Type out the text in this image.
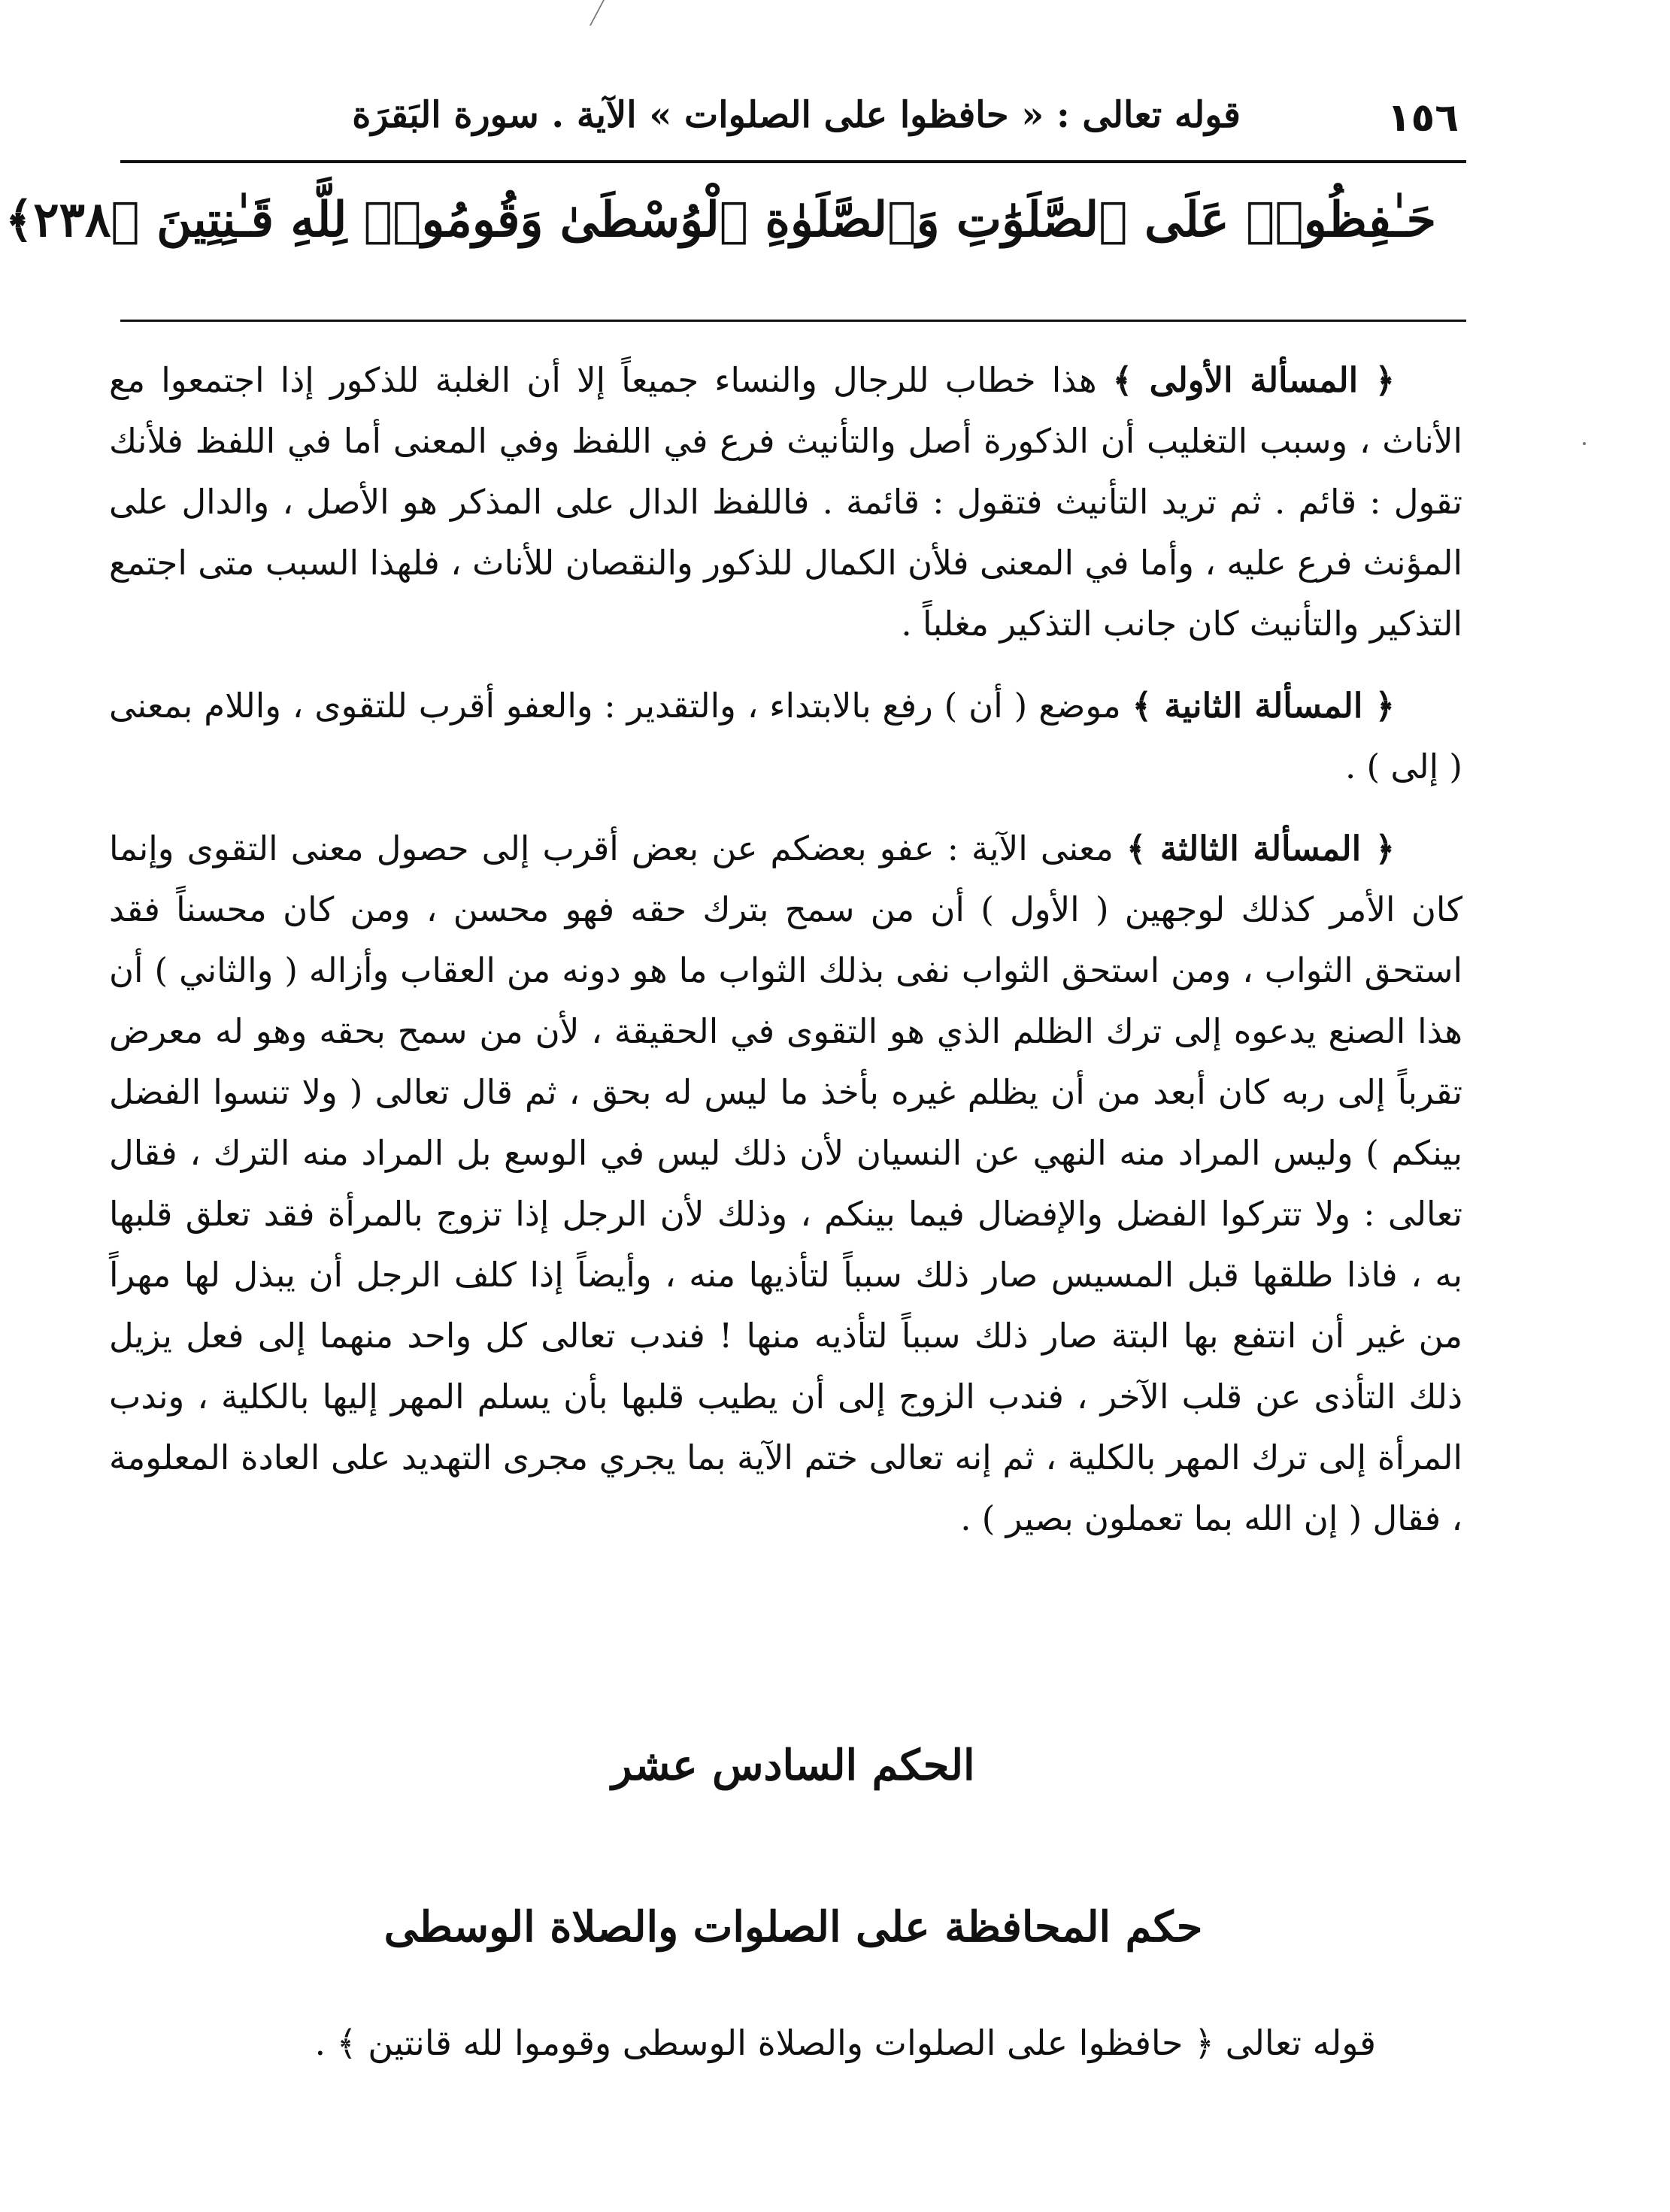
١٥٦
قوله تعالى : « حافظوا على الصلوات » الآية . سورة البَقرَة
حَـٰفِظُوا۟ عَلَى ٱلصَّلَوَٰتِ وَٱلصَّلَوٰةِ ٱلْوُسْطَىٰ وَقُومُوا۟ لِلَّهِ قَـٰنِتِينَ ﴿٢٣٨﴾

﴿ المسألة الأولى ﴾ هذا خطاب للرجال والنساء جميعاً إلا أن الغلبة للذكور إذا اجتمعوا مع الأناث ، وسبب التغليب أن الذكورة أصل والتأنيث فرع في اللفظ وفي المعنى أما في اللفظ فلأنك تقول : قائم . ثم تريد التأنيث فتقول : قائمة . فاللفظ الدال على المذكر هو الأصل ، والدال على المؤنث فرع عليه ، وأما في المعنى فلأن الكمال للذكور والنقصان للأناث ، فلهذا السبب متى اجتمع التذكير والتأنيث كان جانب التذكير مغلباً .

﴿ المسألة الثانية ﴾ موضع ( أن ) رفع بالابتداء ، والتقدير : والعفو أقرب للتقوى ، واللام بمعنى ( إلى ) .

﴿ المسألة الثالثة ﴾ معنى الآية : عفو بعضكم عن بعض أقرب إلى حصول معنى التقوى وإنما كان الأمر كذلك لوجهين ( الأول ) أن من سمح بترك حقه فهو محسن ، ومن كان محسناً فقد استحق الثواب ، ومن استحق الثواب نفى بذلك الثواب ما هو دونه من العقاب وأزاله ( والثاني ) أن هذا الصنع يدعوه إلى ترك الظلم الذي هو التقوى في الحقيقة ، لأن من سمح بحقه وهو له معرض تقرباً إلى ربه كان أبعد من أن يظلم غيره بأخذ ما ليس له بحق ، ثم قال تعالى ( ولا تنسوا الفضل بينكم ) وليس المراد منه النهي عن النسيان لأن ذلك ليس في الوسع بل المراد منه الترك ، فقال تعالى : ولا تتركوا الفضل والإفضال فيما بينكم ، وذلك لأن الرجل إذا تزوج بالمرأة فقد تعلق قلبها به ، فاذا طلقها قبل المسيس صار ذلك سبباً لتأذيها منه ، وأيضاً إذا كلف الرجل أن يبذل لها مهراً من غير أن انتفع بها البتة صار ذلك سبباً لتأذيه منها ! فندب تعالى كل واحد منهما إلى فعل يزيل ذلك التأذى عن قلب الآخر ، فندب الزوج إلى أن يطيب قلبها بأن يسلم المهر إليها بالكلية ، وندب المرأة إلى ترك المهر بالكلية ، ثم إنه تعالى ختم الآية بما يجري مجرى التهديد على العادة المعلومة ، فقال ( إن الله بما تعملون بصير ) .

الحكم السادس عشر
حكم المحافظة على الصلوات والصلاة الوسطى
قوله تعالى ﴿ حافظوا على الصلوات والصلاة الوسطى وقوموا لله قانتين ﴾ .
